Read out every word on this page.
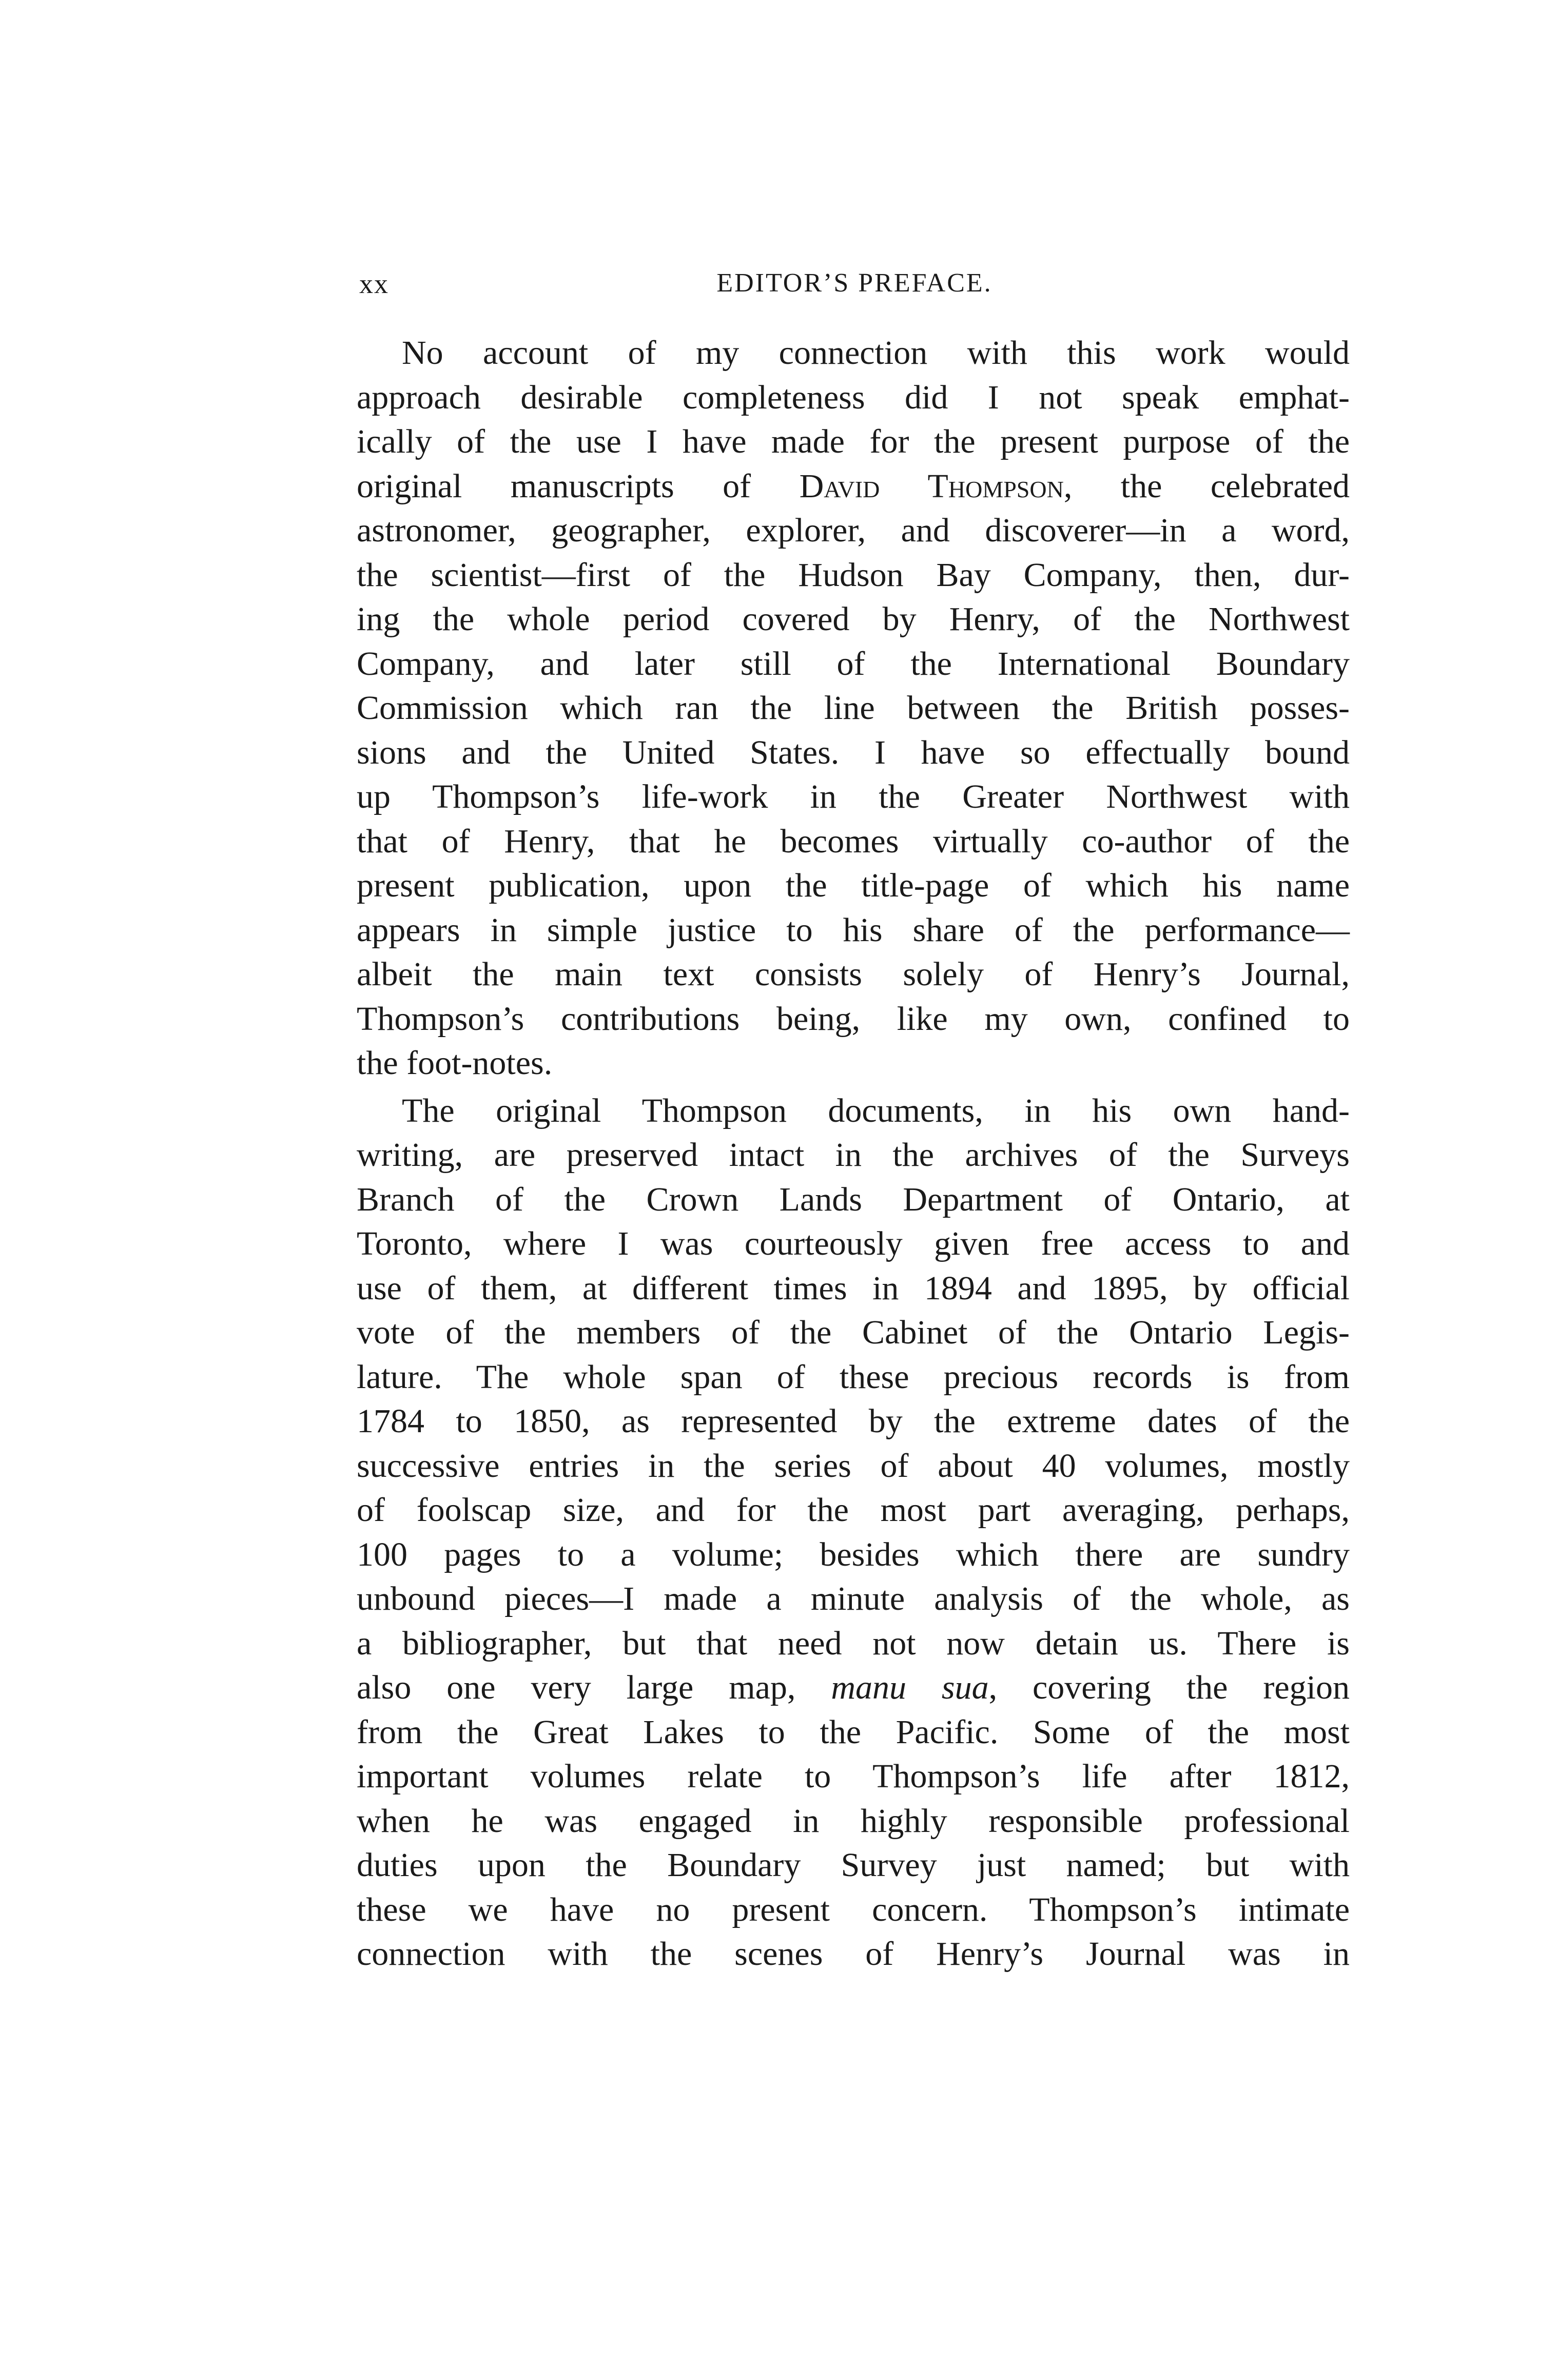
xx	EDITOR’S PREFACE.
No account of my connection with this work would
approach desirable completeness did I not speak emphat-
ically of the use I have made for the present purpose of the
original manuscripts of David Thompson, the celebrated
astronomer, geographer, explorer, and discoverer—in a word,
the scientist—first of the Hudson Bay Company, then, dur-
ing the whole period covered by Henry, of the Northwest
Company, and later still of the International Boundary
Commission which ran the line between the British posses-
sions and the United States. I have so effectually bound
up Thompson’s life-work in the Greater Northwest with
that of Henry, that he becomes virtually co-author of the
present publication, upon the title-page of which his name
appears in simple justice to his share of the performance—
albeit the main text consists solely of Henry’s Journal,
Thompson’s contributions being, like my own, confined to
the foot-notes.
The original Thompson documents, in his own hand-
writing, are preserved intact in the archives of the Surveys
Branch of the Crown Lands Department of Ontario, at
Toronto, where I was courteously given free access to and
use of them, at different times in 1894 and 1895, by official
vote of the members of the Cabinet of the Ontario Legis-
lature. The whole span of these precious records is from
1784 to 1850, as represented by the extreme dates of the
successive entries in the series of about 40 volumes, mostly
of foolscap size, and for the most part averaging, perhaps,
100 pages to a volume; besides which there are sundry
unbound pieces—I made a minute analysis of the whole, as
a bibliographer, but that need not now detain us. There is
also one very large map, manu sua, covering the region
from the Great Lakes to the Pacific. Some of the most
important volumes relate to Thompson’s life after 1812,
when he was engaged in highly responsible professional
duties upon the Boundary Survey just named; but with
these we have no present concern. Thompson’s intimate
connection with the scenes of Henry’s Journal was in
